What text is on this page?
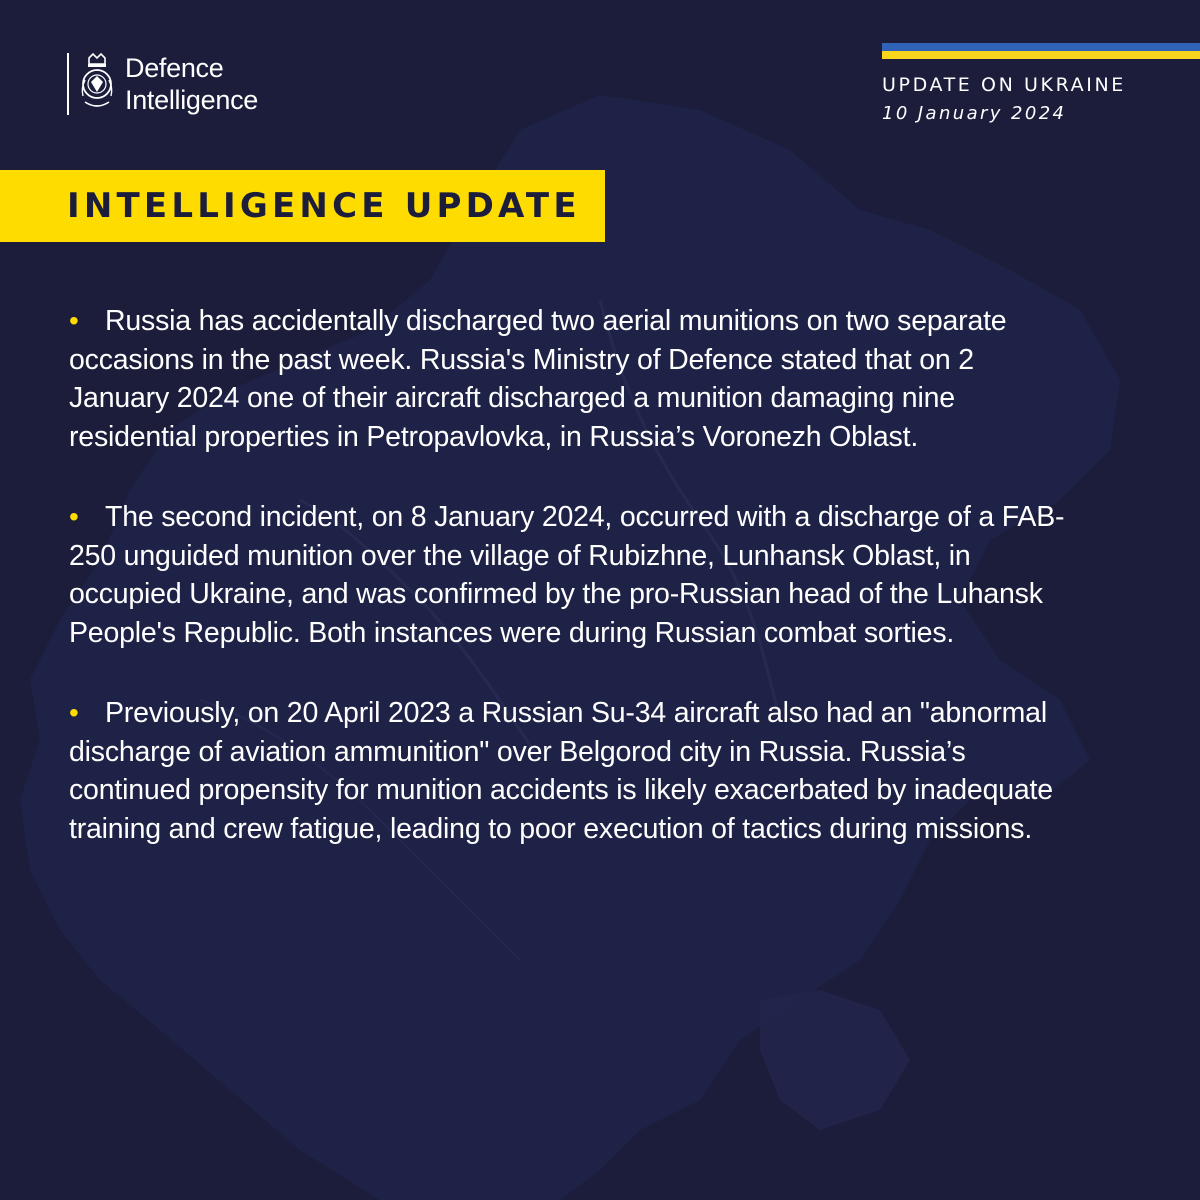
Defence
Intelligence	UPDATE ON UKRAINE
10 January 2024
INTELLIGENCE UPDATE

• Russia has accidentally discharged two aerial munitions on two separate occasions in the past week. Russia's Ministry of Defence stated that on 2 January 2024 one of their aircraft discharged a munition damaging nine residential properties in Petropavlovka, in Russia’s Voronezh Oblast.

• The second incident, on 8 January 2024, occurred with a discharge of a FAB-250 unguided munition over the village of Rubizhne, Lunhansk Oblast, in occupied Ukraine, and was confirmed by the pro-Russian head of the Luhansk People's Republic. Both instances were during Russian combat sorties.

• Previously, on 20 April 2023 a Russian Su-34 aircraft also had an "abnormal discharge of aviation ammunition" over Belgorod city in Russia. Russia’s continued propensity for munition accidents is likely exacerbated by inadequate training and crew fatigue, leading to poor execution of tactics during missions.
